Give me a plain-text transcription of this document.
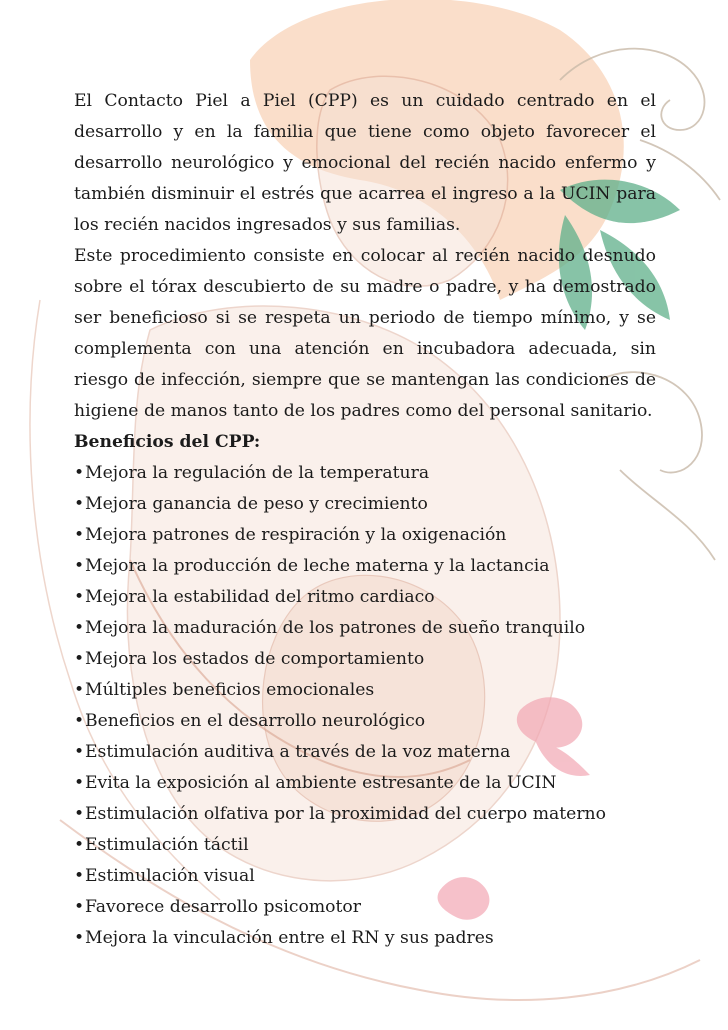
El Contacto Piel a Piel (CPP) es un cuidado centrado en el desarrollo y en la familia que tiene como objeto favorecer el desarrollo neurológico y emocional del recién nacido enfermo y también disminuir el estrés que acarrea el ingreso a la UCIN para los recién nacidos ingresados y sus familias.

Este procedimiento consiste en colocar al recién nacido desnudo sobre el tórax descubierto de su madre o padre, y ha demostrado ser beneficioso si se respeta un periodo de tiempo mínimo, y se complementa con una atención en incubadora adecuada, sin riesgo de infección, siempre que se mantengan las condiciones de higiene de manos tanto de los padres como del personal sanitario.

Beneficios del CPP:

•Mejora la regulación de la temperatura
•Mejora ganancia de peso y crecimiento
•Mejora patrones de respiración y la oxigenación
•Mejora la producción de leche materna y la lactancia
•Mejora la estabilidad del ritmo cardiaco
•Mejora la maduración de los patrones de sueño tranquilo
•Mejora los estados de comportamiento
•Múltiples beneficios emocionales
•Beneficios en el desarrollo neurológico
•Estimulación auditiva a través de la voz materna
•Evita la exposición al ambiente estresante de la UCIN
•Estimulación olfativa por la proximidad del cuerpo materno
•Estimulación táctil
•Estimulación visual
•Favorece desarrollo psicomotor
•Mejora la vinculación entre el RN y sus padres
